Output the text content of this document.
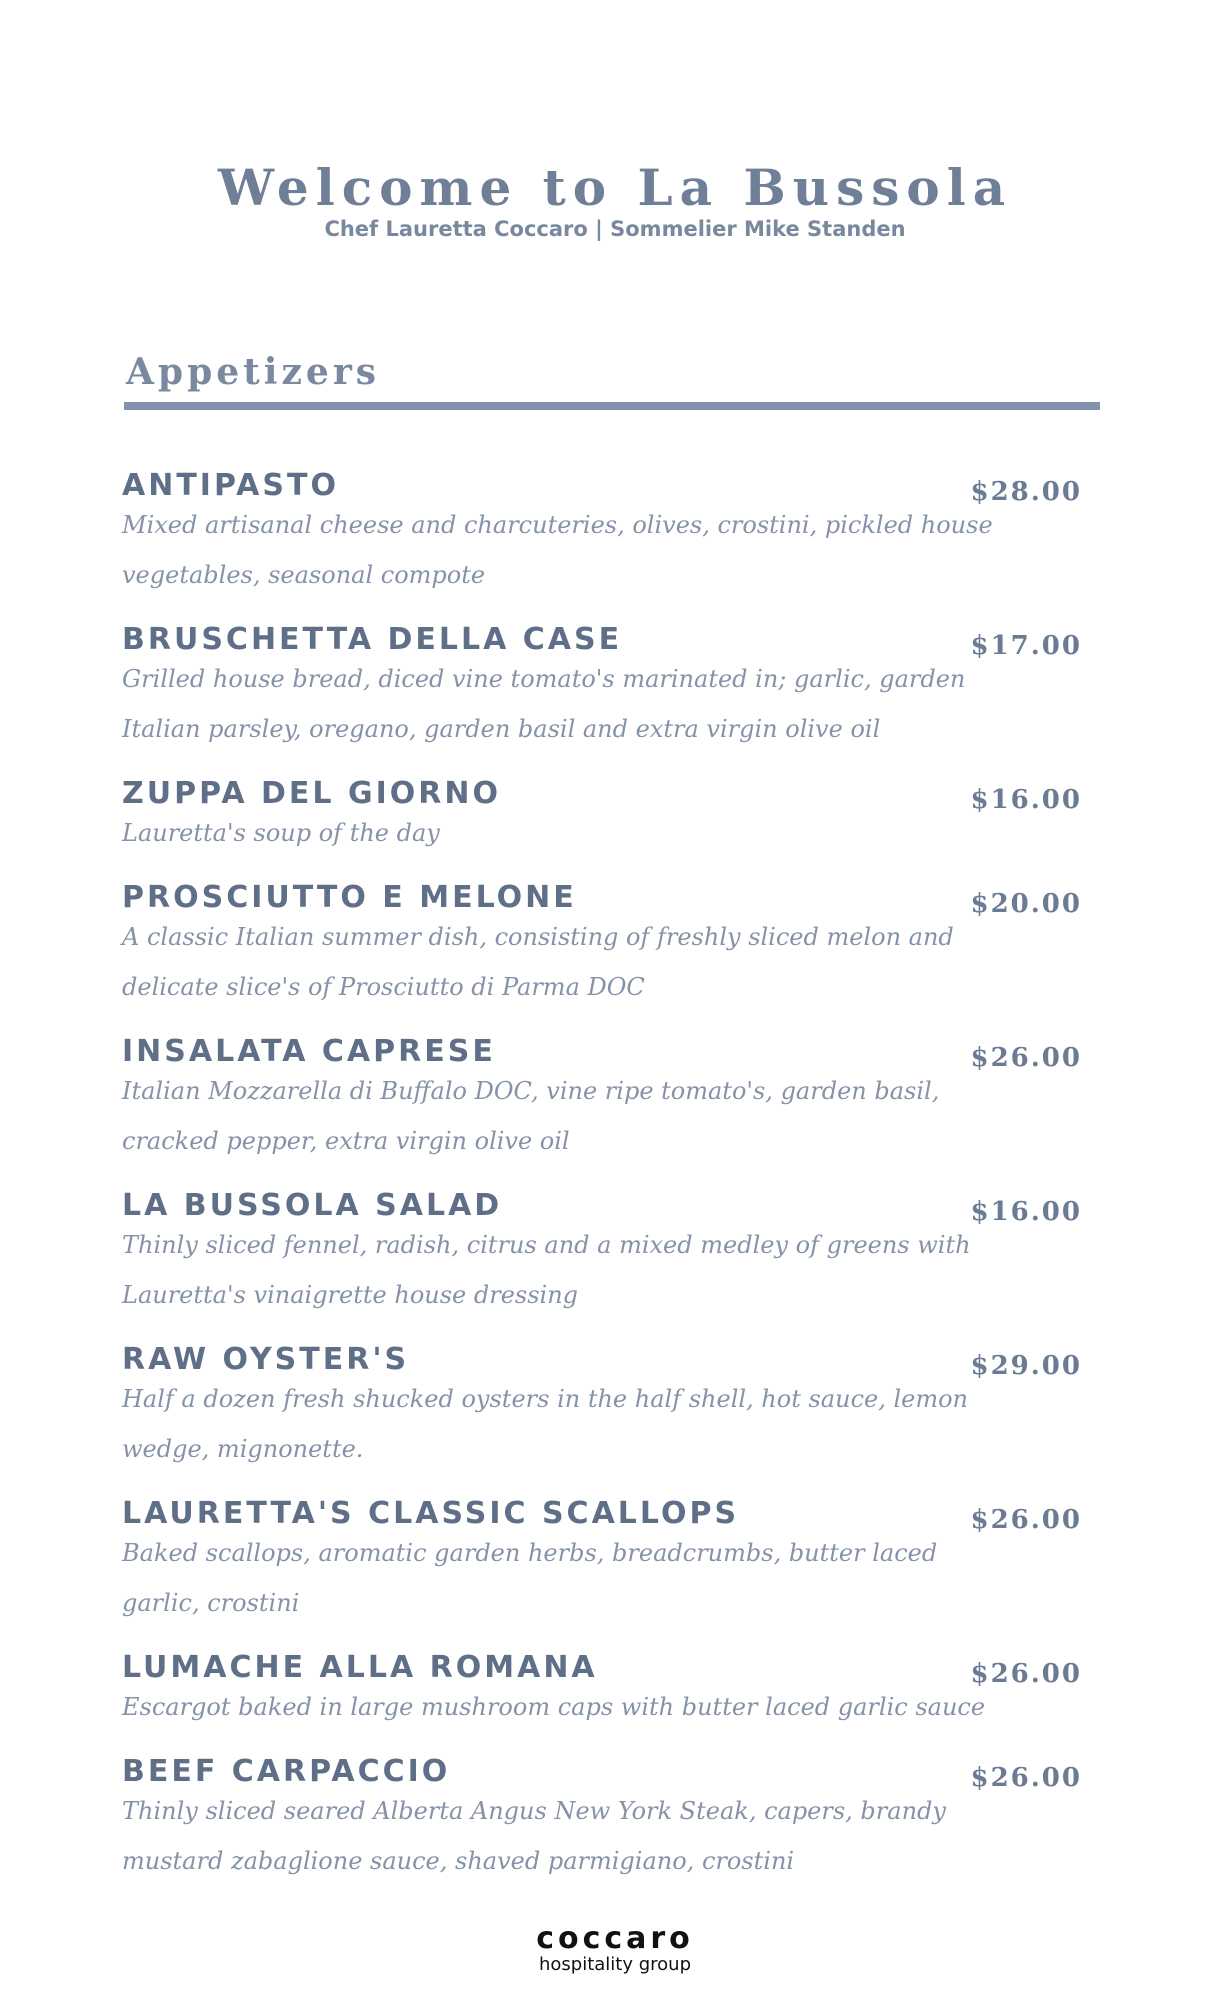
Welcome to La Bussola
Chef Lauretta Coccaro | Sommelier Mike Standen
Appetizers
ANTIPASTO
Mixed artisanal cheese and charcuteries, olives, crostini, pickled house vegetables, seasonal compote
$28.00
BRUSCHETTA DELLA CASE
Grilled house bread, diced vine tomato's marinated in; garlic, garden Italian parsley, oregano, garden basil and extra virgin olive oil
$17.00
ZUPPA DEL GIORNO
Lauretta's soup of the day
$16.00
PROSCIUTTO E MELONE
A classic Italian summer dish, consisting of freshly sliced melon and delicate slice's of Prosciutto di Parma DOC
$20.00
INSALATA CAPRESE
Italian Mozzarella di Buffalo DOC, vine ripe tomato's, garden basil, cracked pepper, extra virgin olive oil
$26.00
LA BUSSOLA SALAD
Thinly sliced fennel, radish, citrus and a mixed medley of greens with Lauretta's vinaigrette house dressing
$16.00
RAW OYSTER'S
Half a dozen fresh shucked oysters in the half shell, hot sauce, lemon wedge, mignonette.
$29.00
LAURETTA'S CLASSIC SCALLOPS
Baked scallops, aromatic garden herbs, breadcrumbs, butter laced garlic, crostini
$26.00
LUMACHE ALLA ROMANA
Escargot baked in large mushroom caps with butter laced garlic sauce
$26.00
BEEF CARPACCIO
Thinly sliced seared Alberta Angus New York Steak, capers, brandy mustard zabaglione sauce, shaved parmigiano, crostini
$26.00
coccaro
hospitality group
